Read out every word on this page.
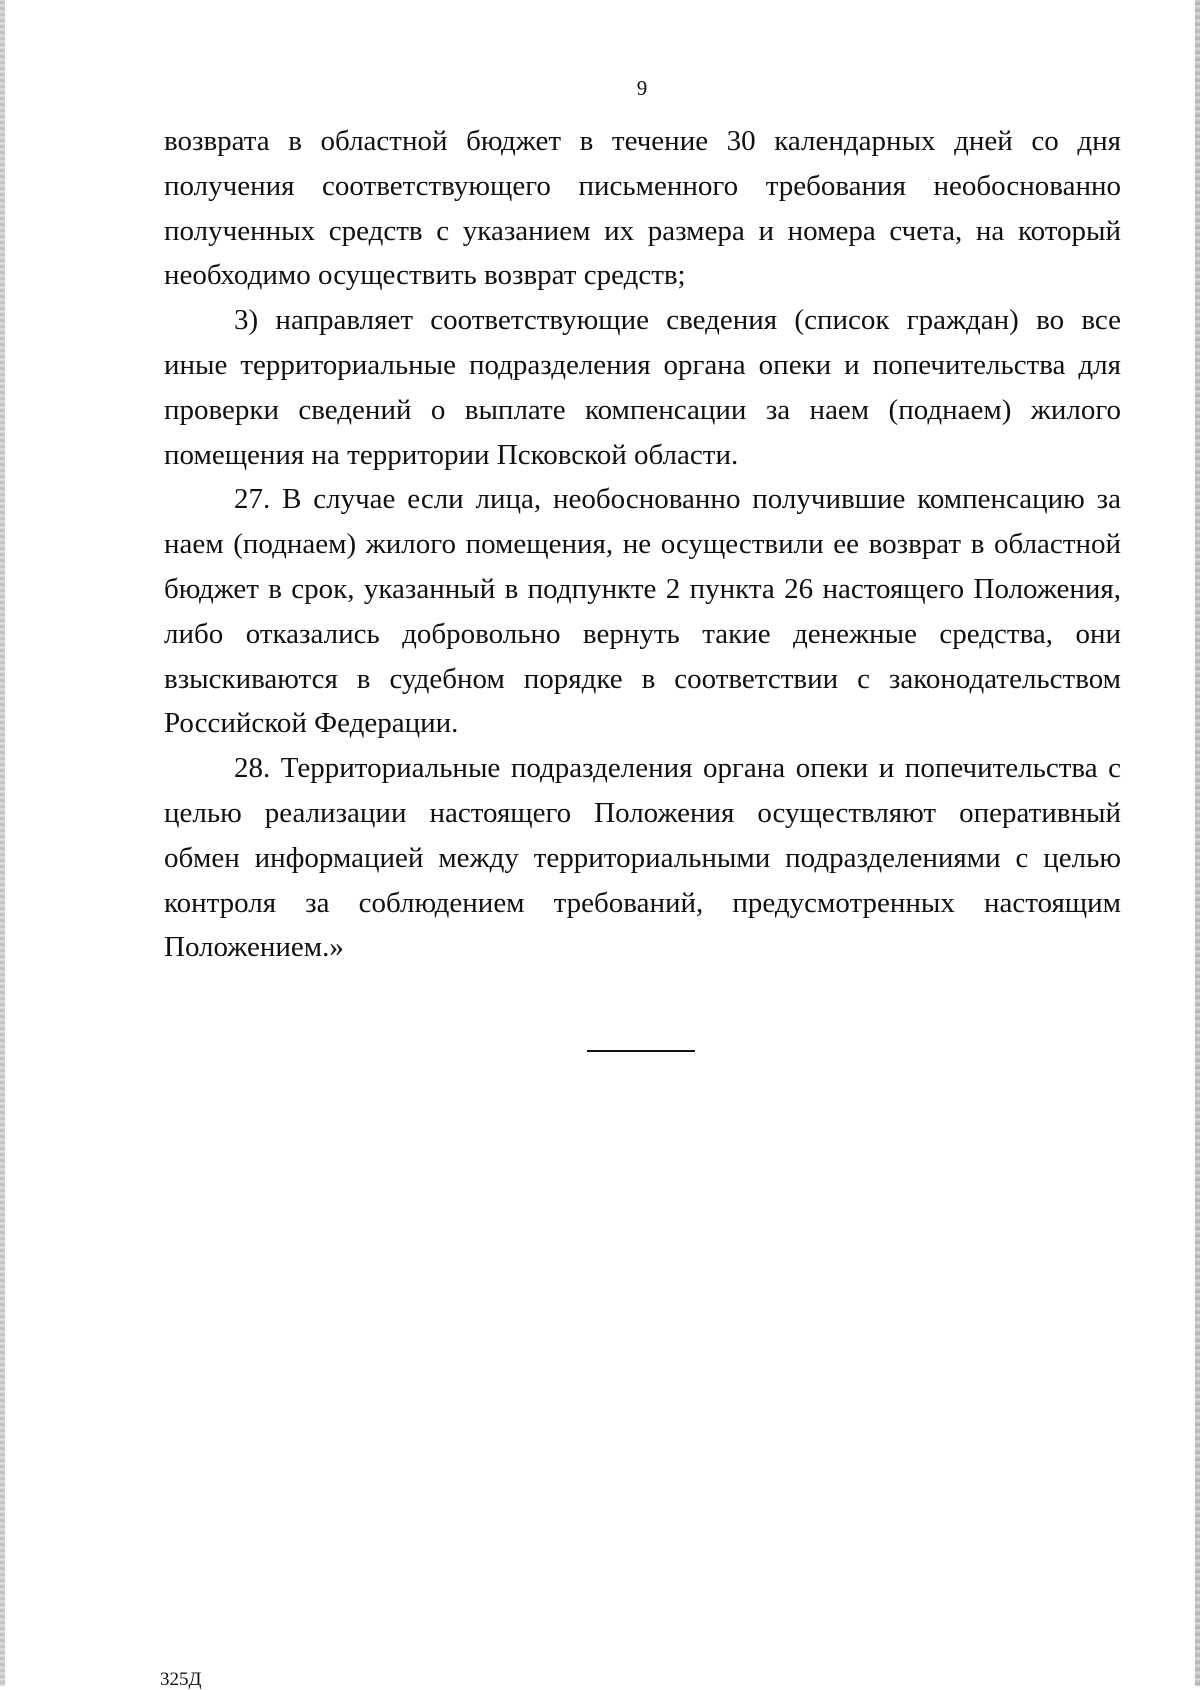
9

возврата в областной бюджет в течение 30 календарных дней со дня получения соответствующего письменного требования необоснованно полученных средств с указанием их размера и номера счета, на который необходимо осуществить возврат средств;

3) направляет соответствующие сведения (список граждан) во все иные территориальные подразделения органа опеки и попечительства для проверки сведений о выплате компенсации за наем (поднаем) жилого помещения на территории Псковской области.

27. В случае если лица, необоснованно получившие компенсацию за наем (поднаем) жилого помещения, не осуществили ее возврат в областной бюджет в срок, указанный в подпункте 2 пункта 26 настоящего Положения, либо отказались добровольно вернуть такие денежные средства, они взыскиваются в судебном порядке в соответствии с законодательством Российской Федерации.

28. Территориальные подразделения органа опеки и попечительства с целью реализации настоящего Положения осуществляют оперативный обмен информацией между территориальными подразделениями с целью контроля за соблюдением требований, предусмотренных настоящим Положением.»

325Д
